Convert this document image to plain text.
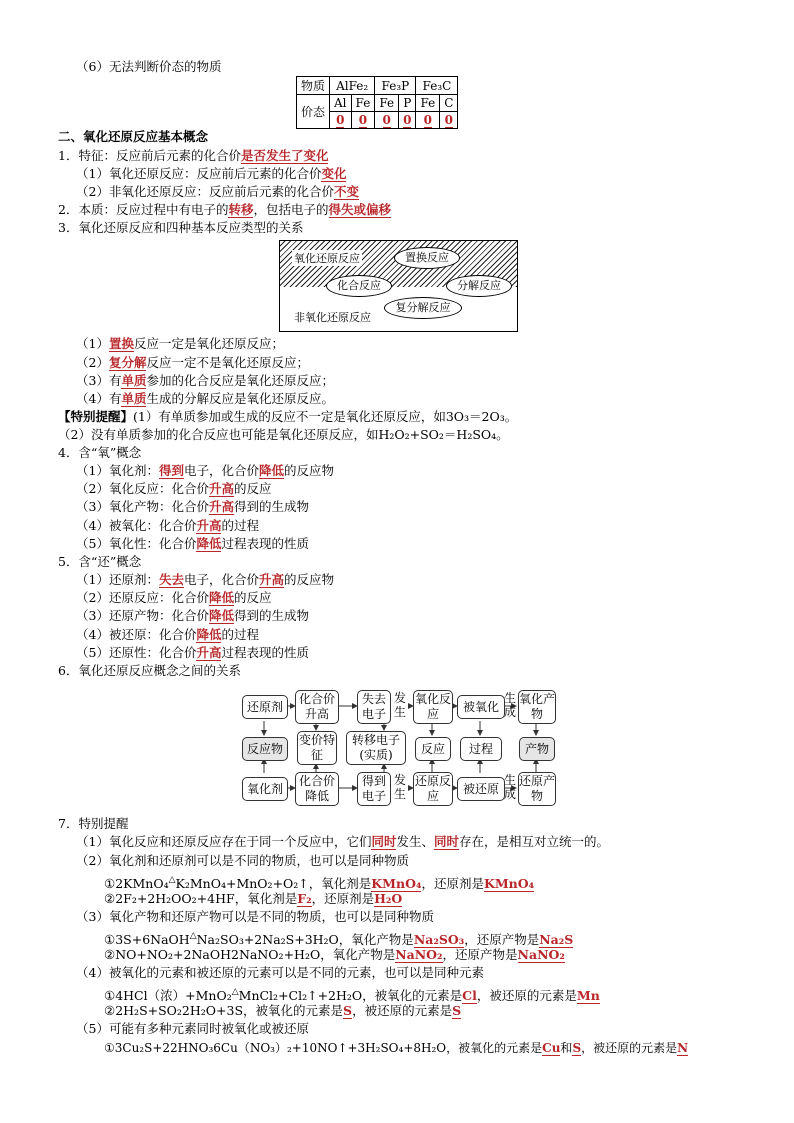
（6）无法判断价态的物质
物质	AlFe₂		Fe₃P		Fe₃C	
价态	Al	Fe	Fe	P	Fe	C
	0	0	0	0	0	0
二、氧化还原反应基本概念
1．特征：反应前后元素的化合价是否发生了变化
（1）氧化还原反应：反应前后元素的化合价变化
（2）非氧化还原反应：反应前后元素的化合价不变
2．本质：反应过程中有电子的转移，包括电子的得失或偏移
3．氧化还原反应和四种基本反应类型的关系
氧化还原反应
非氧化还原反应
置换反应
化合反应	分解反应
复分解反应
（1）置换反应一定是氧化还原反应；
（2）复分解反应一定不是氧化还原反应；
（3）有单质参加的化合反应是氧化还原反应；
（4）有单质生成的分解反应是氧化还原反应。
【特别提醒】(1）有单质参加或生成的反应不一定是氧化还原反应，如3O₃＝2O₃。
（2）没有单质参加的化合反应也可能是氧化还原反应，如H₂O₂+SO₂＝H₂SO₄。
4．含“氧”概念
（1）氧化剂：得到电子，化合价降低的反应物
（2）氧化反应：化合价升高的反应
（3）氧化产物：化合价升高得到的生成物
（4）被氧化：化合价升高的过程
（5）氧化性：化合价降低过程表现的性质
5．含“还”概念
（1）还原剂：失去电子，化合价升高的反应物
（2）还原反应：化合价降低的反应
（3）还原产物：化合价降低得到的生成物
（4）被还原：化合价降低的过程
（5）还原性：化合价升高过程表现的性质
6．氧化还原反应概念之间的关系
还原剂
化合价升高
失去电子
发生
氧化反应
被氧化
生成
氧化产物
反应物
变价特征
转移电子(实质)	反应	过程	产物
氧化剂
化合价降低
得到电子
发生
还原反应
被还原
生成
还原产物
7．特别提醒
（1）氧化反应和还原反应存在于同一个反应中，它们同时发生、同时存在，是相互对立统一的。
（2）氧化剂和还原剂可以是不同的物质，也可以是同种物质
①2KMnO₄△K₂MnO₄+MnO₂+O₂↑，氧化剂是KMnO₄，还原剂是KMnO₄
②2F₂+2H₂OO₂+4HF，氧化剂是F₂，还原剂是H₂O
（3）氧化产物和还原产物可以是不同的物质，也可以是同种物质
①3S+6NaOH△Na₂SO₃+2Na₂S+3H₂O，氧化产物是Na₂SO₃，还原产物是Na₂S
②NO+NO₂+2NaOH2NaNO₂+H₂O，氧化产物是NaNO₂，还原产物是NaNO₂
（4）被氧化的元素和被还原的元素可以是不同的元素，也可以是同种元素
①4HCl（浓）+MnO₂△MnCl₂+Cl₂↑+2H₂O，被氧化的元素是Cl，被还原的元素是Mn
②2H₂S+SO₂2H₂O+3S，被氧化的元素是S，被还原的元素是S
（5）可能有多种元素同时被氧化或被还原
①3Cu₂S+22HNO₃6Cu（NO₃）₂+10NO↑+3H₂SO₄+8H₂O，被氧化的元素是Cu和S，被还原的元素是N
